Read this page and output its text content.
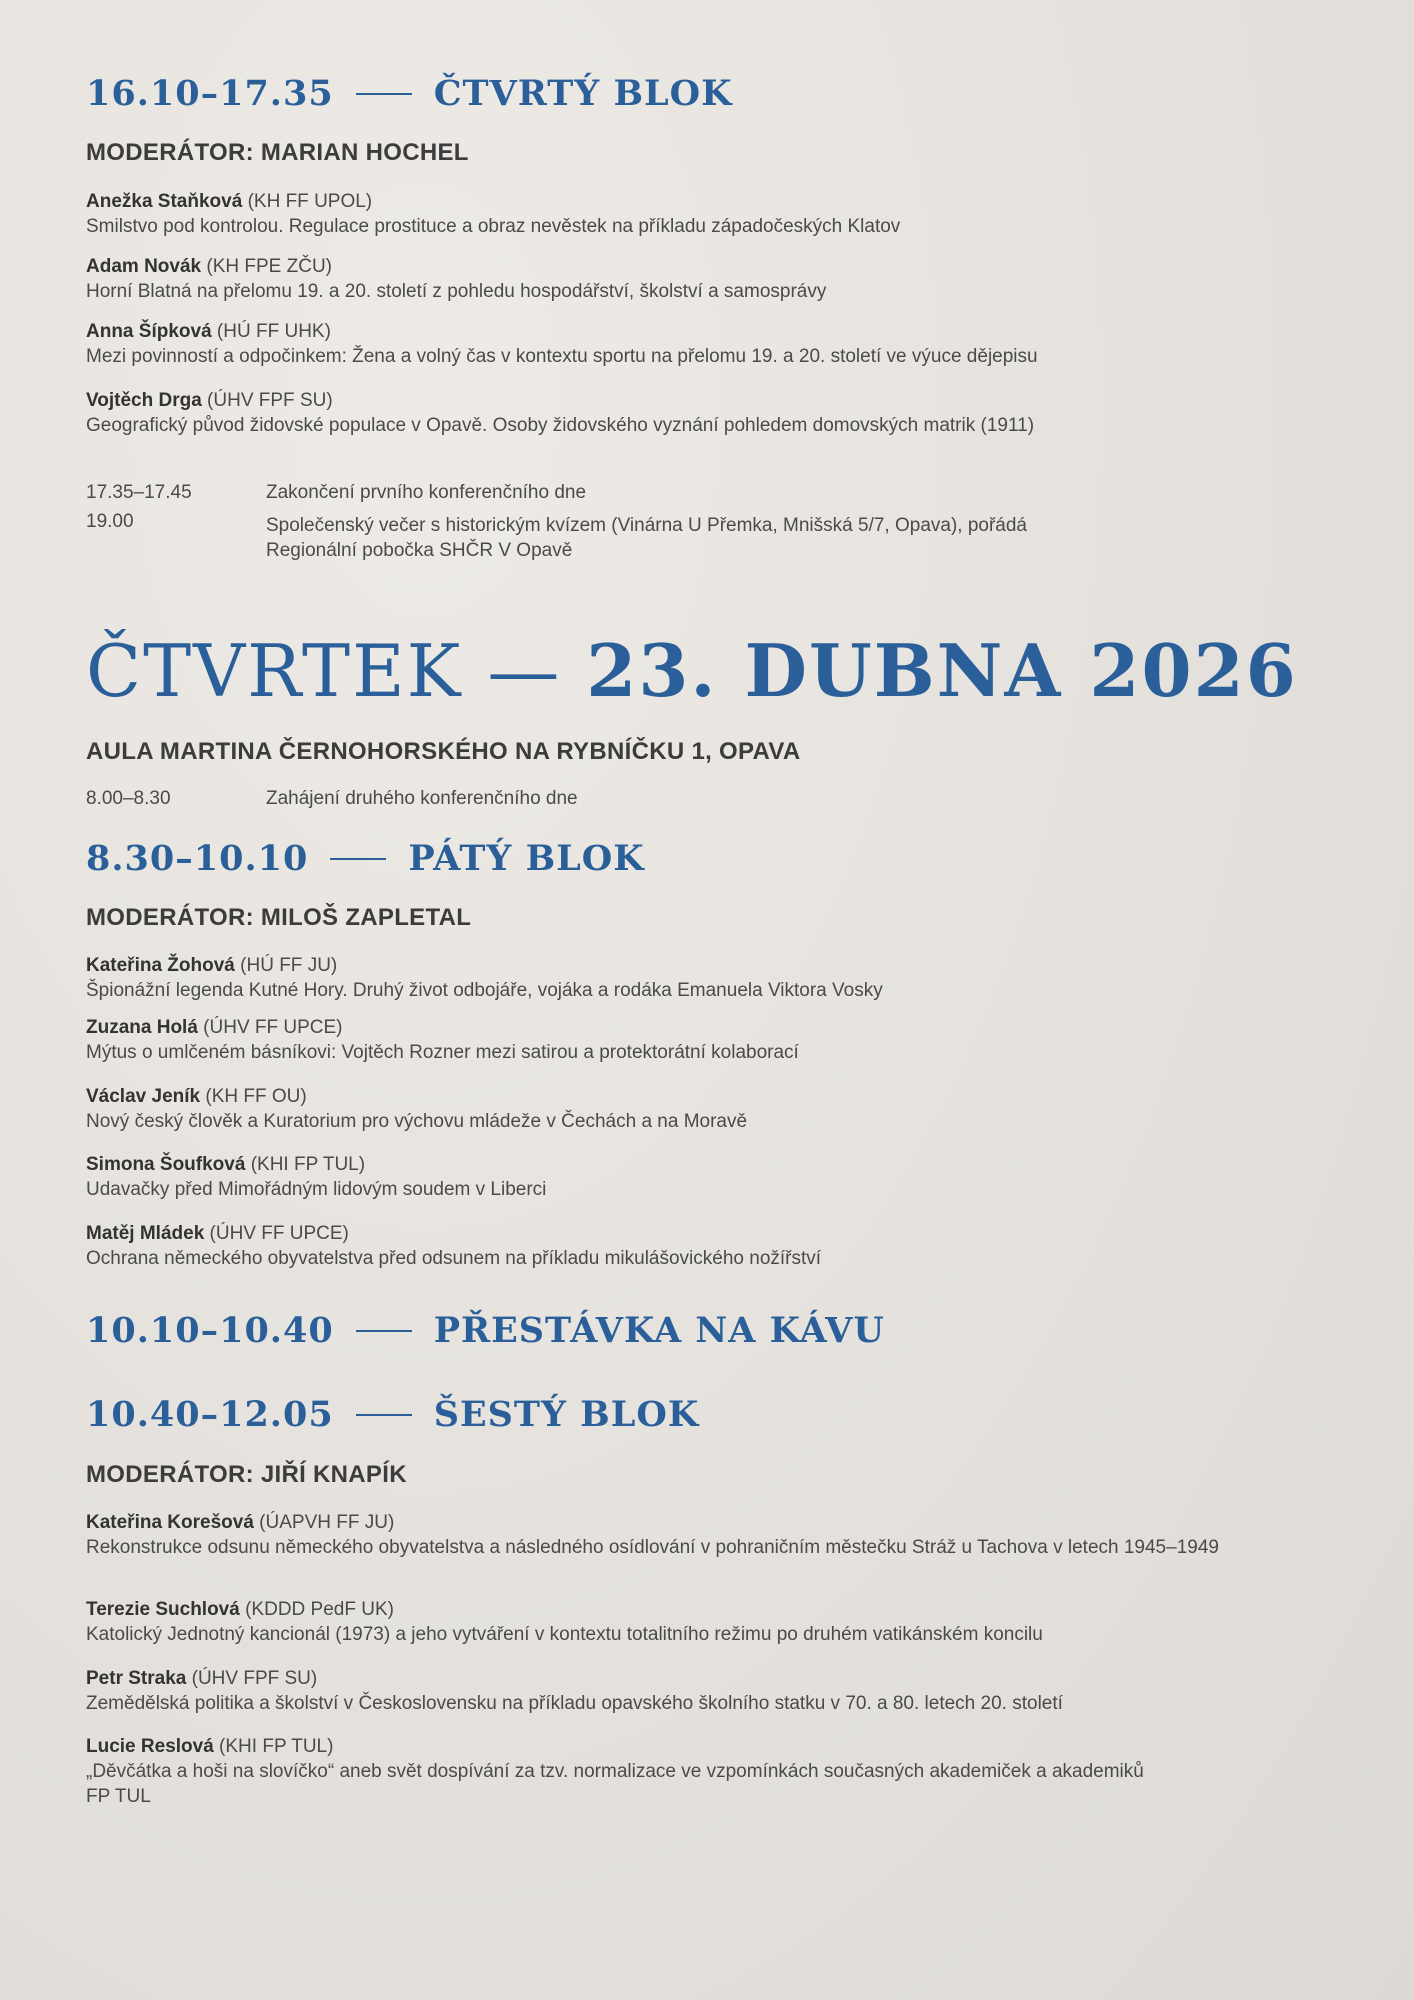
16.10–17.35	ČTVRTÝ BLOK
MODERÁTOR: MARIAN HOCHEL
Anežka Staňková (KH FF UPOL)
Smilstvo pod kontrolou. Regulace prostituce a obraz nevěstek na příkladu západočeských Klatov
Adam Novák (KH FPE ZČU)
Horní Blatná na přelomu 19. a 20. století z pohledu hospodářství, školství a samosprávy
Anna Šípková (HÚ FF UHK)
Mezi povinností a odpočinkem: Žena a volný čas v kontextu sportu na přelomu 19. a 20. století ve výuce dějepisu
Vojtěch Drga (ÚHV FPF SU)
Geografický původ židovské populace v Opavě. Osoby židovského vyznání pohledem domovských matrik (1911)
17.35–17.45	Zakončení prvního konferenčního dne
19.00	Společenský večer s historickým kvízem (Vinárna U Přemka, Mnišská 5/7, Opava), pořádá Regionální pobočka SHČR V Opavě
ČTVRTEK — 23. DUBNA 2026
AULA MARTINA ČERNOHORSKÉHO NA RYBNÍČKU 1, OPAVA
8.00–8.30	Zahájení druhého konferenčního dne
8.30–10.10	PÁTÝ BLOK
MODERÁTOR: MILOŠ ZAPLETAL
Kateřina Žohová (HÚ FF JU)
Špionážní legenda Kutné Hory. Druhý život odbojáře, vojáka a rodáka Emanuela Viktora Vosky
Zuzana Holá (ÚHV FF UPCE)
Mýtus o umlčeném básníkovi: Vojtěch Rozner mezi satirou a protektorátní kolaborací
Václav Jeník (KH FF OU)
Nový český člověk a Kuratorium pro výchovu mládeže v Čechách a na Moravě
Simona Šoufková (KHI FP TUL)
Udavačky před Mimořádným lidovým soudem v Liberci
Matěj Mládek (ÚHV FF UPCE)
Ochrana německého obyvatelstva před odsunem na příkladu mikulášovického nožířství
10.10–10.40	PŘESTÁVKA NA KÁVU
10.40–12.05	ŠESTÝ BLOK
MODERÁTOR: JIŘÍ KNAPÍK
Kateřina Korešová (ÚAPVH FF JU)
Rekonstrukce odsunu německého obyvatelstva a následného osídlování v pohraničním městečku Stráž u Tachova v letech 1945–1949
Terezie Suchlová (KDDD PedF UK)
Katolický Jednotný kancionál (1973) a jeho vytváření v kontextu totalitního režimu po druhém vatikánském koncilu
Petr Straka (ÚHV FPF SU)
Zemědělská politika a školství v Československu na příkladu opavského školního statku v 70. a 80. letech 20. století
Lucie Reslová (KHI FP TUL)
„Děvčátka a hoši na slovíčko“ aneb svět dospívání za tzv. normalizace ve vzpomínkách současných akademiček a akademiků FP TUL
